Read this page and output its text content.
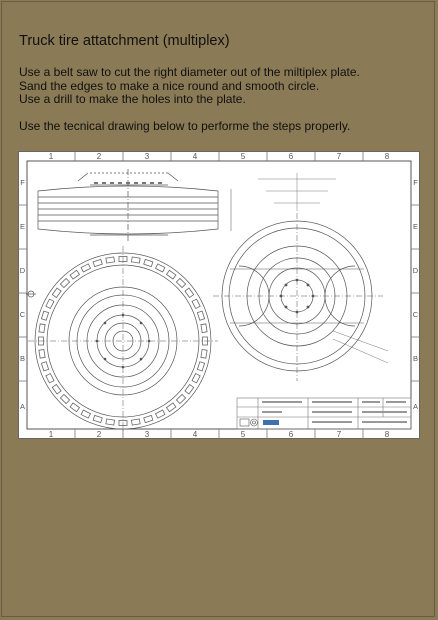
Truck tire attatchment (multiplex)
Use a belt saw to cut the right diameter out of the miltiplex plate.
Sand the edges to make a nice round and smooth circle.
Use a drill to make the holes into the plate.
Use the tecnical drawing below to performe the steps properly.
1	2	3	4	5	6	7	8
1	2	3	4	5	6	7	8
F
E
D
C
B
A
F
E
D
C
B
A
